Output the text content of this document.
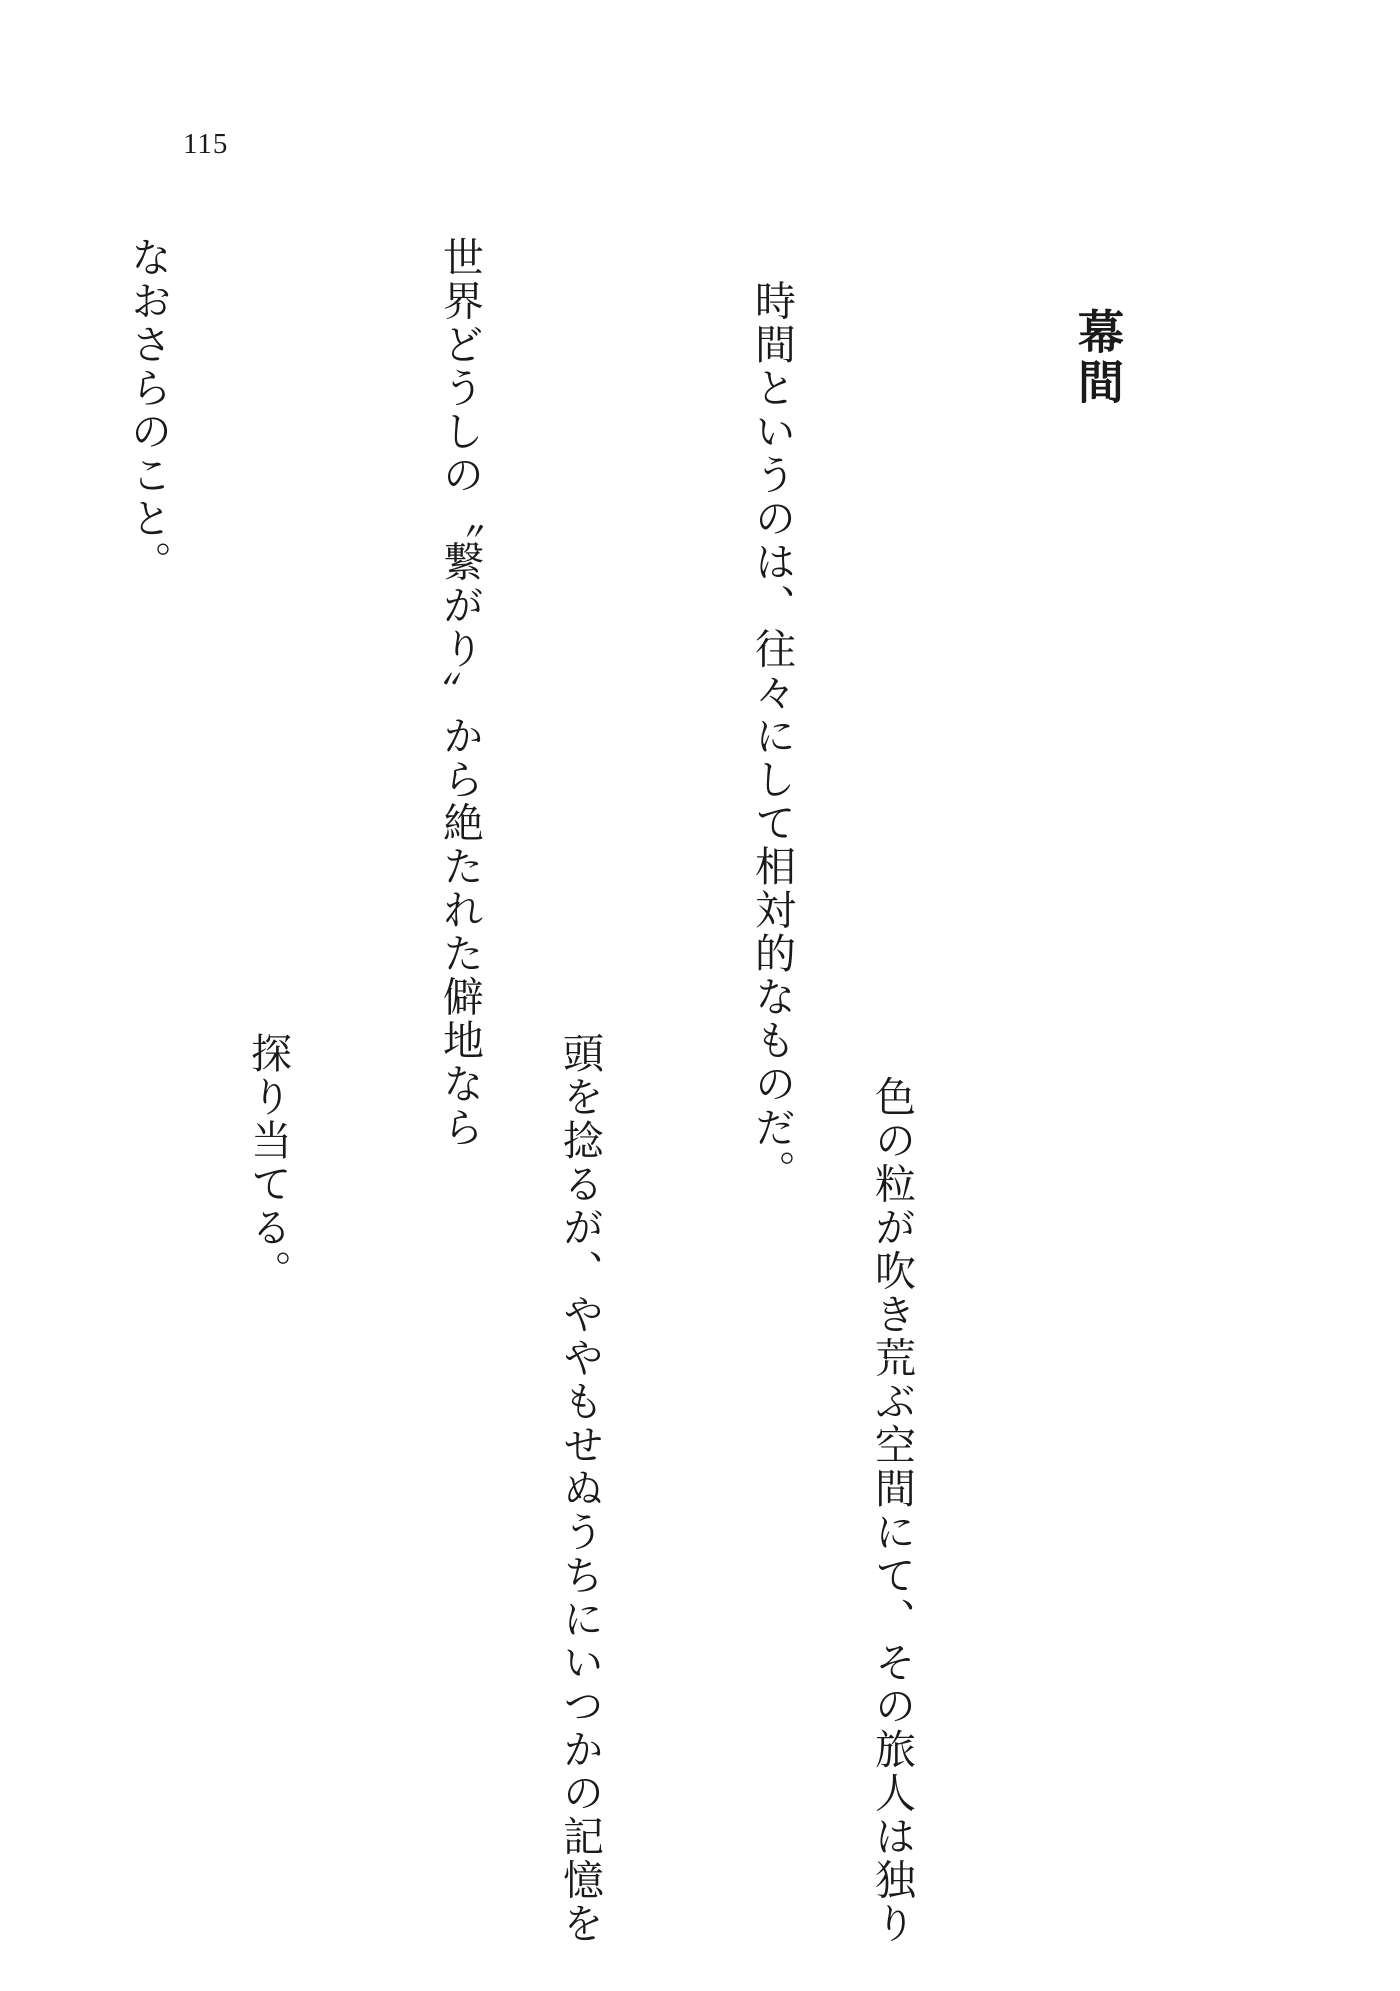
115
幕間

　時間というのは、往々にして相対的なものだ。

世界どうしの〝繋がり〟から絶たれた僻地なら

なおさらのこと。

　色の粒が吹き荒ぶ空間にて、その旅人は独り

頭を捻るが、ややもせぬうちにいつかの記憶を

探り当てる。
